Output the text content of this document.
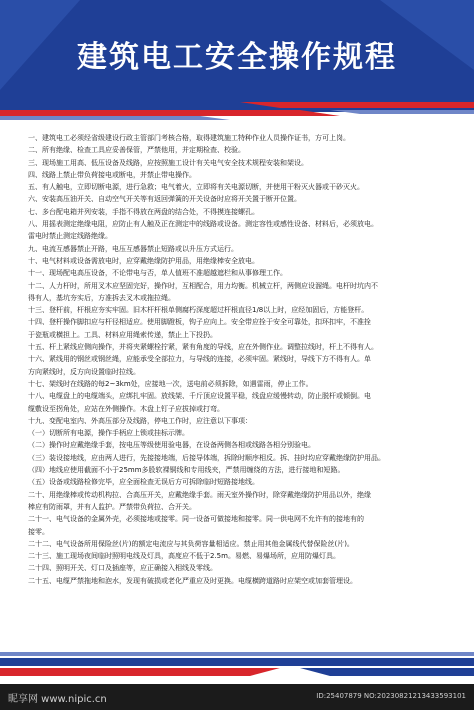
建筑电工安全操作规程
一、建筑电工必须经省级建设行政主管部门考核合格，取得建筑施工特种作业人员操作证书，方可上岗。
二、所有绝缘、检查工具应妥善保管，严禁他用，并定期检查、校验。
三、现场施工用高、低压设备及线路，应按照施工设计有关电气安全技术规程安装和架设。
四、线路上禁止带负荷接电或断电，并禁止带电操作。
五、有人触电，立即切断电源，进行急救；电气着火，立即将有关电源切断，并使用干粉灭火器或干砂灭火。
六、安装高压油开关、自动空气开关等有返回弹簧的开关设备时应将开关置于断开位置。
七、多台配电箱并列安装，手指不得放在两盘的结合处，不得摸连接螺孔。
八、用摇表测定绝缘电阻，应防止有人触及正在测定中的线路或设备。测定容性或感性设备、材料后，必须放电。
雷电时禁止测定线路绝缘。
九、电流互感器禁止开路，电压互感器禁止短路或以升压方式运行。
十、电气材料或设备需放电时，应穿戴绝缘防护用品，用绝缘棒安全放电。
十一、现场配电高压设备，不论带电与否，单人值班不准超越遮栏和从事修理工作。
十二、人力杆时，所用叉木应坚固完好，操作时，互相配合，用力均衡。机械立杆，两侧应设溜绳。电杆时坑内不
得有人，基坑夯实后，方准拆去叉木或拖拉绳。
十三、登杆前，杆根应夯实牢固。旧木杆杆根单侧腐朽深度超过杆根直径1/8以上时，应经加固后，方能登杆。
十四、登杆操作脚扣应与杆径相适应。使用脚蹬板，钩子应向上。安全带应拴于安全可靠处，扣环扣牢，不准拴
于瓷瓶或横担上。工具、材料应用绳索传递，禁止上下投扔。
十五、杆上紧线应侧向操作，并将夹紧螺栓拧紧，紧有角度的导线，应在外侧作业。调整拉线时，杆上不得有人。
十六、紧线用的钢丝或钢丝绳，应能承受全部拉力，与导线的连接，必须牢固。紧线时，导线下方不得有人。单
方向紧线时，反方向设置临时拉线。
十七、架线时在线路的每2~3km处，应接地一次，送电前必须拆除，如遇雷雨，停止工作。
十八、电缆盘上的电缆端头，应绑扎牢固。放线架、千斤顶应设置平稳，线盘应缓慢转动，防止脱杆或倾倒。电
缆敷设至拐角处，应站在外侧操作。木盘上钉子应拔掉或打弯。
十九、变配电室内、外高压部分及线路，停电工作时，应注意以下事项：
（一）切断所有电源，操作手柄应上锁或挂标示牌。
（二）操作时应戴绝缘手套，按电压等级使用验电器，在设备两侧各相或线路各相分别验电。
（三）装设接地线，应由两人进行，先接接地端，后接导体端，拆除时顺序相反。拆、挂时均应穿戴绝缘防护用品。
（四）地线应使用截面不小于25mm多股软裸铜线和专用线夹，严禁用缠绕的方法，进行接地和短路。
（五）设备或线路检修完毕，应全面检查无误后方可拆除临时短路接地线。
二十、用绝缘棒或传动机构拉、合高压开关，应戴绝缘手套。雨天室外操作时，除穿戴绝缘防护用品以外，绝缘
棒应有防雨罩，并有人监护。严禁带负荷拉、合开关。
二十一、电气设备的金属外壳，必须接地或接零。同一设备可做接地和接零。同一供电网不允许有的接地有的
接零。
二十二、电气设备所用保险丝(片)的额定电流应与其负荷容量相适应。禁止用其他金属线代替保险丝(片)。
二十三、施工现场夜间临时照明电线及灯具，高度应不低于2.5m。易燃、易爆场所，应用防爆灯具。
二十四、照明开关、灯口及插座等，应正确接入相线及零线。
二十五、电缆严禁拖地和泡水，发现有破损或老化严重应及时更换。电缆横跨道路时应架空或加套管埋设。
昵享网 www.nipic.cn	ID:25407879 NO:20230821213433593101
